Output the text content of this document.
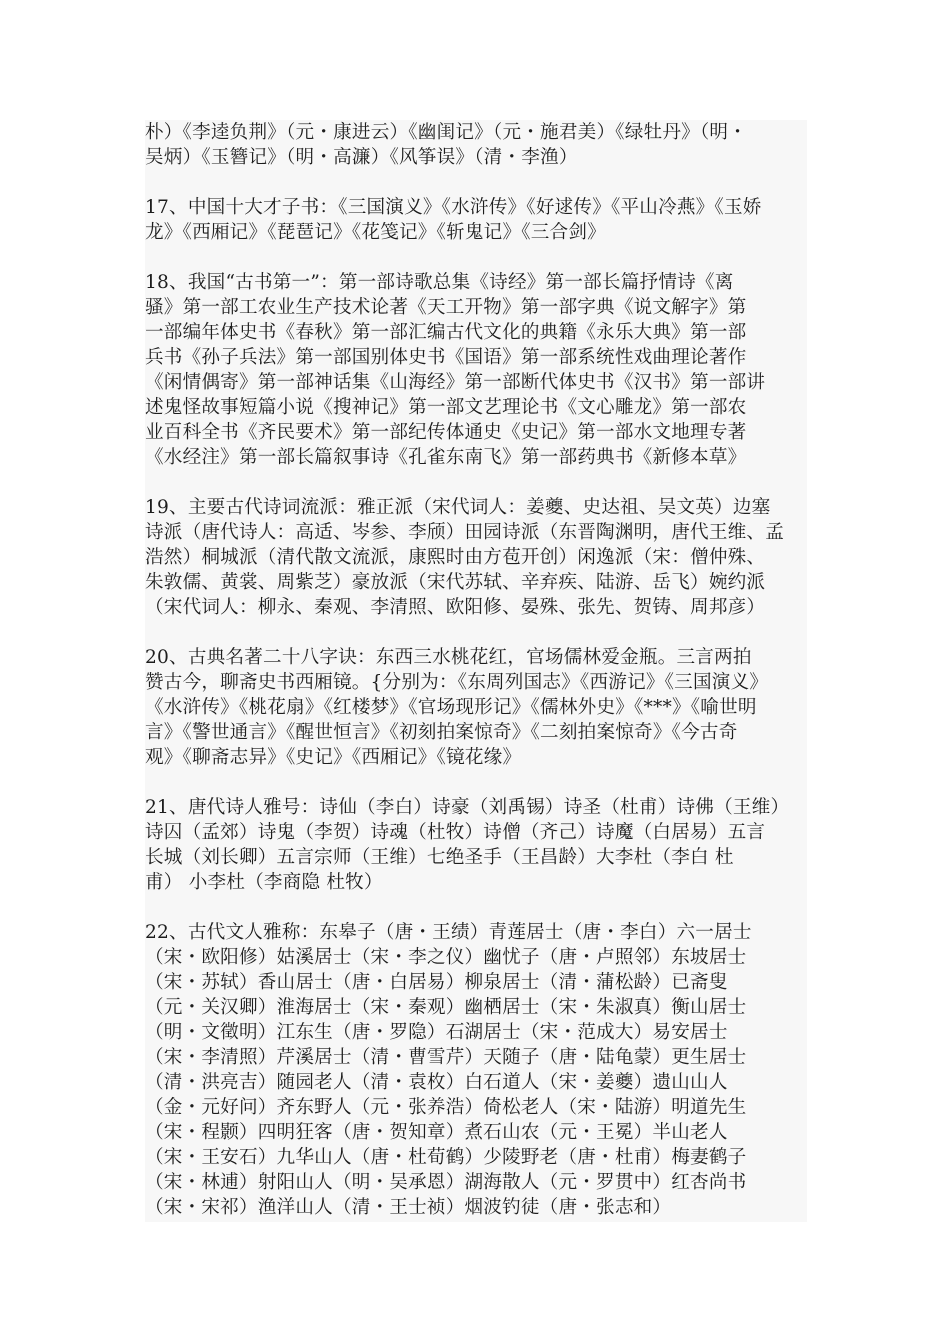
朴）《李逵负荆》（元・康进云）《幽闺记》（元・施君美）《绿牡丹》（明・
吴炳）《玉簪记》（明・高濂）《风筝误》（清・李渔）
17、中国十大才子书：《三国演义》《水浒传》《好逑传》《平山冷燕》《玉娇
龙》《西厢记》《琵琶记》《花笺记》《斩鬼记》《三合剑》
18、我国“古书第一”：第一部诗歌总集《诗经》第一部长篇抒情诗《离
骚》第一部工农业生产技术论著《天工开物》第一部字典《说文解字》第
一部编年体史书《春秋》第一部汇编古代文化的典籍《永乐大典》第一部
兵书《孙子兵法》第一部国别体史书《国语》第一部系统性戏曲理论著作
《闲情偶寄》第一部神话集《山海经》第一部断代体史书《汉书》第一部讲
述鬼怪故事短篇小说《搜神记》第一部文艺理论书《文心雕龙》第一部农
业百科全书《齐民要术》第一部纪传体通史《史记》第一部水文地理专著
《水经注》第一部长篇叙事诗《孔雀东南飞》第一部药典书《新修本草》
19、主要古代诗词流派：雅正派（宋代词人：姜夔、史达祖、吴文英）边塞
诗派（唐代诗人：高适、岑参、李颀）田园诗派（东晋陶渊明，唐代王维、孟
浩然）桐城派（清代散文流派，康熙时由方苞开创）闲逸派（宋：僧仲殊、
朱敦儒、黄裳、周紫芝）豪放派（宋代苏轼、辛弃疾、陆游、岳飞）婉约派
（宋代词人：柳永、秦观、李清照、欧阳修、晏殊、张先、贺铸、周邦彦）
20、古典名著二十八字诀：东西三水桃花红，官场儒林爱金瓶。三言两拍
赞古今，聊斋史书西厢镜。{分别为：《东周列国志》《西游记》《三国演义》
《水浒传》《桃花扇》《红楼梦》《官场现形记》《儒林外史》《***》《喻世明
言》《警世通言》《醒世恒言》《初刻拍案惊奇》《二刻拍案惊奇》《今古奇
观》《聊斋志异》《史记》《西厢记》《镜花缘》
21、唐代诗人雅号：诗仙（李白）诗豪（刘禹锡）诗圣（杜甫）诗佛（王维）
诗囚（孟郊）诗鬼（李贺）诗魂（杜牧）诗僧（齐己）诗魔（白居易）五言
长城（刘长卿）五言宗师（王维）七绝圣手（王昌龄）大李杜（李白 杜
甫） 小李杜（李商隐 杜牧）
22、古代文人雅称：东皋子（唐・王绩）青莲居士（唐・李白）六一居士
（宋・欧阳修）姑溪居士（宋・李之仪）幽忧子（唐・卢照邻）东坡居士
（宋・苏轼）香山居士（唐・白居易）柳泉居士（清・蒲松龄）已斋叟
（元・关汉卿）淮海居士（宋・秦观）幽栖居士（宋・朱淑真）衡山居士
（明・文徵明）江东生（唐・罗隐）石湖居士（宋・范成大）易安居士
（宋・李清照）芹溪居士（清・曹雪芹）天随子（唐・陆龟蒙）更生居士
（清・洪亮吉）随园老人（清・袁枚）白石道人（宋・姜夔）遗山山人
（金・元好问）齐东野人（元・张养浩）倚松老人（宋・陆游）明道先生
（宋・程颢）四明狂客（唐・贺知章）煮石山农（元・王冕）半山老人
（宋・王安石）九华山人（唐・杜荀鹤）少陵野老（唐・杜甫）梅妻鹤子
（宋・林逋）射阳山人（明・吴承恩）湖海散人（元・罗贯中）红杏尚书
（宋・宋祁）渔洋山人（清・王士祯）烟波钓徒（唐・张志和）
